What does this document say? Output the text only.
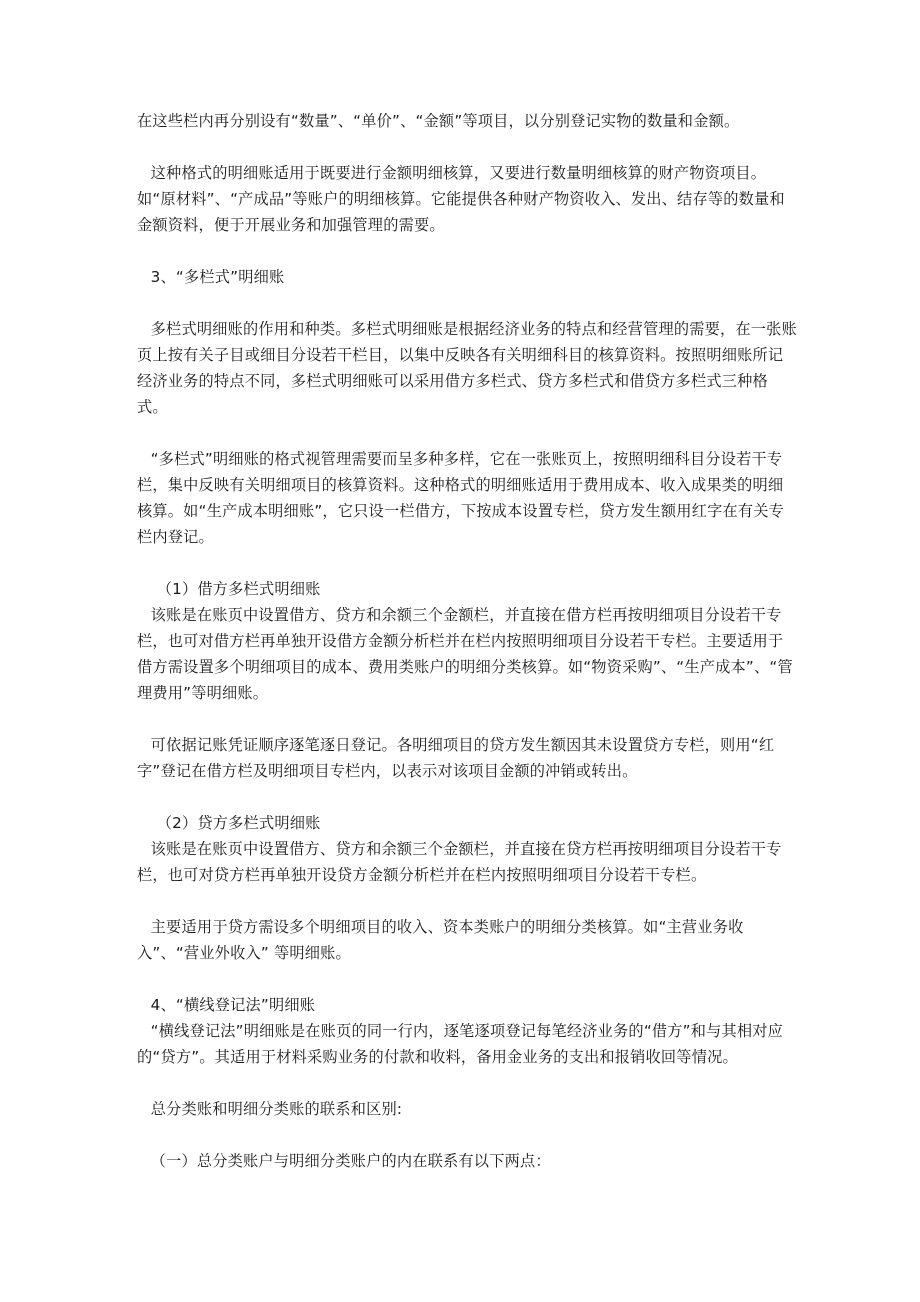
在这些栏内再分别设有“数量”、“单价”、“金额”等项目，以分别登记实物的数量和金额。

这种格式的明细账适用于既要进行金额明细核算，又要进行数量明细核算的财产物资项目。如“原材料”、“产成品”等账户的明细核算。它能提供各种财产物资收入、发出、结存等的数量和金额资料，便于开展业务和加强管理的需要。

3、“多栏式”明细账

多栏式明细账的作用和种类。多栏式明细账是根据经济业务的特点和经营管理的需要，在一张账页上按有关子目或细目分设若干栏目，以集中反映各有关明细科目的核算资料。按照明细账所记经济业务的特点不同，多栏式明细账可以采用借方多栏式、贷方多栏式和借贷方多栏式三种格式。

“多栏式”明细账的格式视管理需要而呈多种多样，它在一张账页上，按照明细科目分设若干专栏，集中反映有关明细项目的核算资料。这种格式的明细账适用于费用成本、收入成果类的明细核算。如“生产成本明细账”，它只设一栏借方，下按成本设置专栏，贷方发生额用红字在有关专栏内登记。

（1）借方多栏式明细账

该账是在账页中设置借方、贷方和余额三个金额栏，并直接在借方栏再按明细项目分设若干专栏，也可对借方栏再单独开设借方金额分析栏并在栏内按照明细项目分设若干专栏。主要适用于借方需设置多个明细项目的成本、费用类账户的明细分类核算。如“物资采购”、“生产成本”、“管理费用”等明细账。

可依据记账凭证顺序逐笔逐日登记。各明细项目的贷方发生额因其未设置贷方专栏，则用“红字”登记在借方栏及明细项目专栏内，以表示对该项目金额的冲销或转出。

（2）贷方多栏式明细账

该账是在账页中设置借方、贷方和余额三个金额栏，并直接在贷方栏再按明细项目分设若干专栏，也可对贷方栏再单独开设贷方金额分析栏并在栏内按照明细项目分设若干专栏。

主要适用于贷方需设多个明细项目的收入、资本类账户的明细分类核算。如“主营业务收入”、“营业外收入” 等明细账。

4、“横线登记法”明细账

“横线登记法”明细账是在账页的同一行内，逐笔逐项登记每笔经济业务的“借方”和与其相对应的“贷方”。其适用于材料采购业务的付款和收料，备用金业务的支出和报销收回等情况。

总分类账和明细分类账的联系和区别:

（一）总分类账户与明细分类账户的内在联系有以下两点：
